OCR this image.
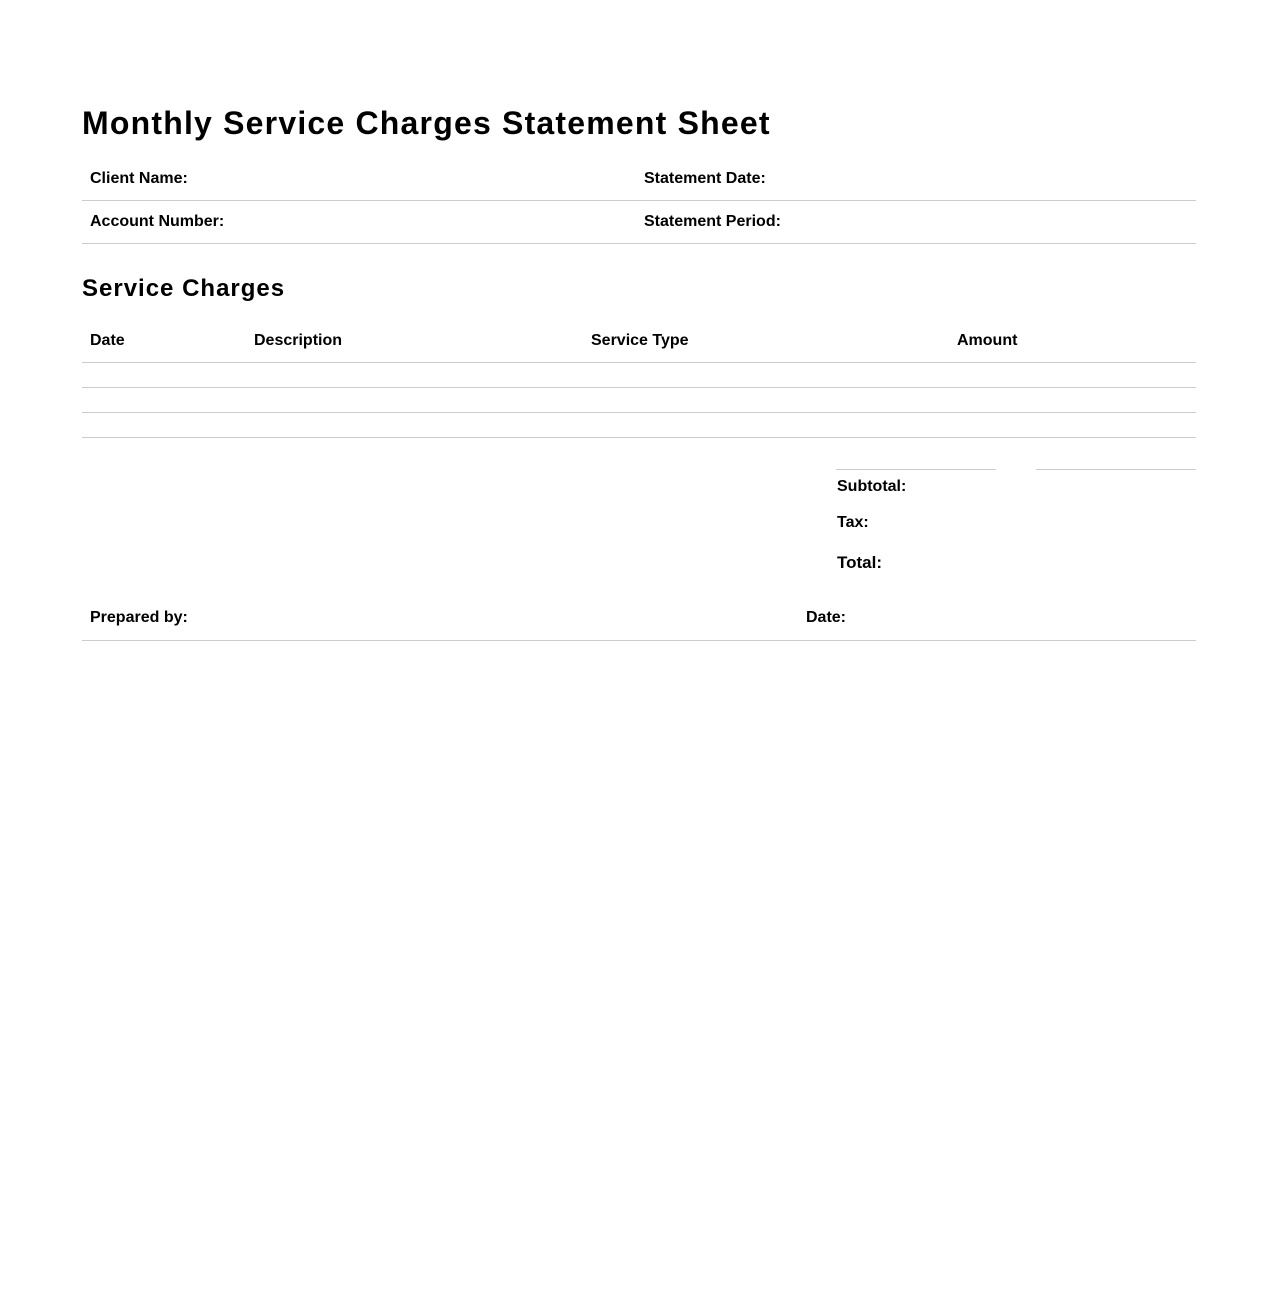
Monthly Service Charges Statement Sheet
Client Name:	Statement Date:
Account Number:	Statement Period:
Service Charges
Date	Description	Service Type	Amount
Subtotal:
Tax:
Total:
Prepared by:	Date:
